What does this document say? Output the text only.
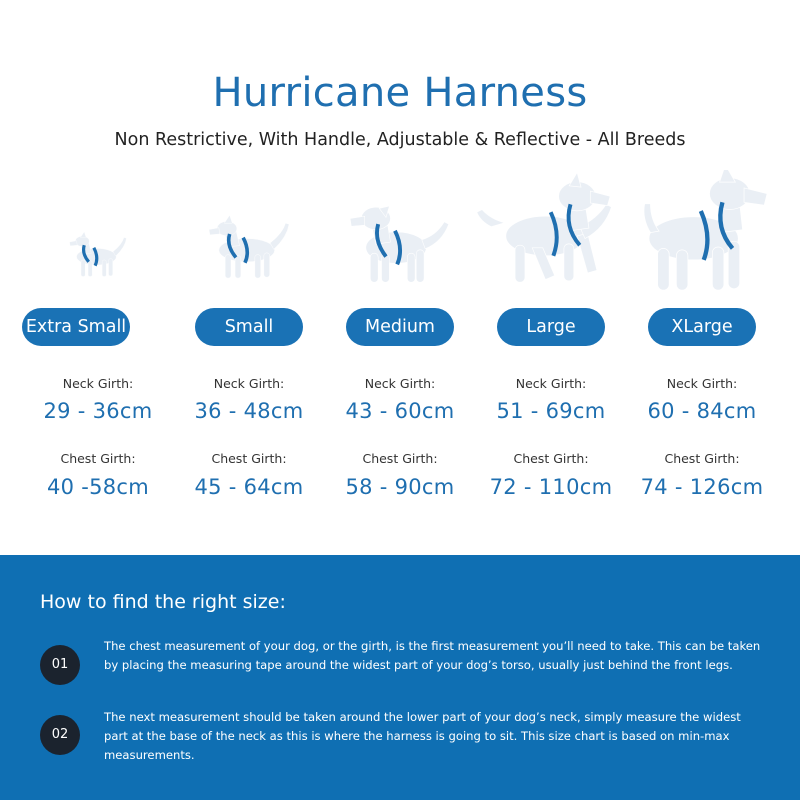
Hurricane Harness
Non Restrictive, With Handle, Adjustable & Reflective - All Breeds
Extra Small
Neck Girth:
29 - 36cm
Chest Girth:
40 -58cm
Small
Neck Girth:
36 - 48cm
Chest Girth:
45 - 64cm
Medium
Neck Girth:
43 - 60cm
Chest Girth:
58 - 90cm
Large
Neck Girth:
51 - 69cm
Chest Girth:
72 - 110cm
XLarge
Neck Girth:
60 - 84cm
Chest Girth:
74 - 126cm
How to find the right size:
01
The chest measurement of your dog, or the girth, is the first measurement you’ll need to take. This can be taken by placing the measuring tape around the widest part of your dog’s torso, usually just behind the front legs.
02
The next measurement should be taken around the lower part of your dog’s neck, simply measure the widest part at the base of the neck as this is where the harness is going to sit. This size chart is based on min-max measurements.
